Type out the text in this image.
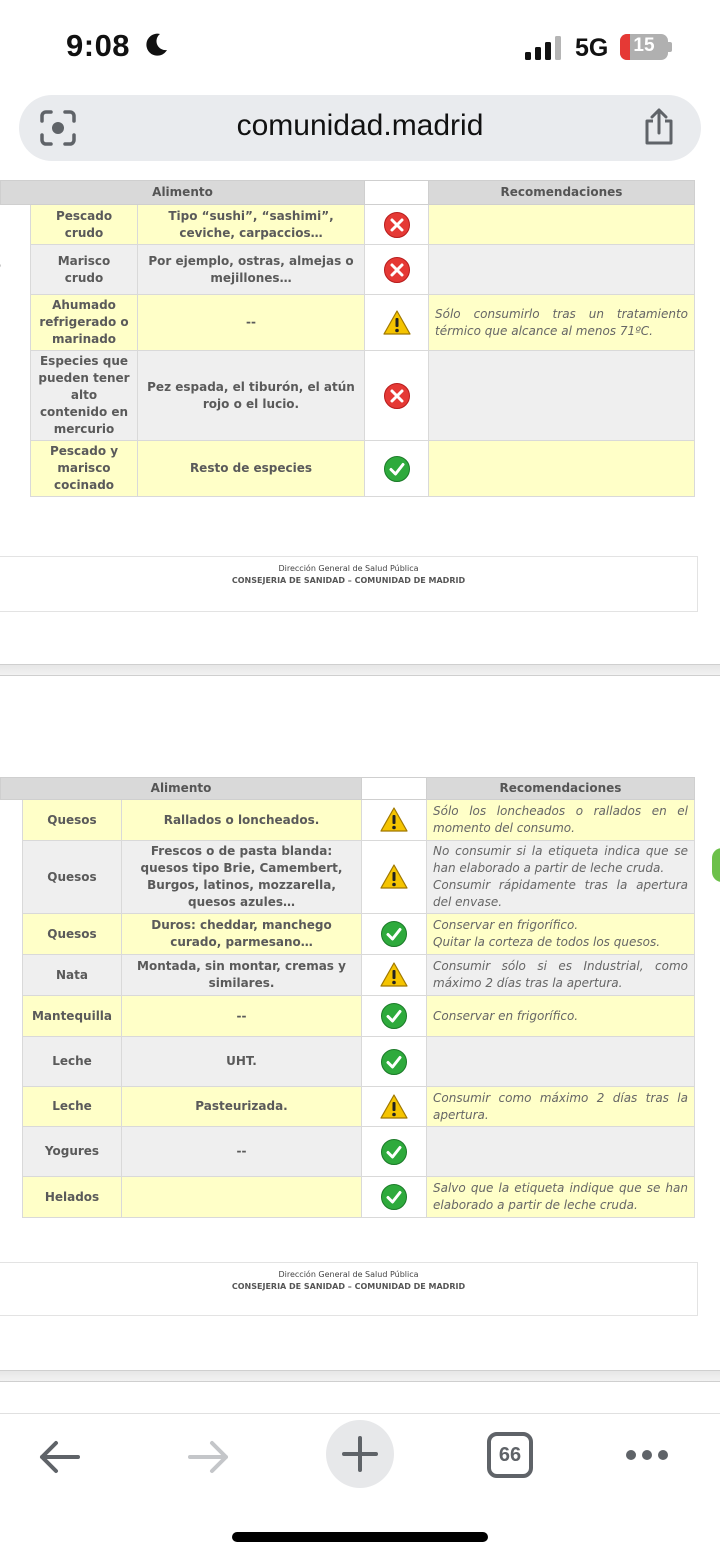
9:08	5G	15
comunidad.madrid
Alimento				Recomendaciones
	Pescado crudo	Tipo “sushi”, “sashimi”, ceviche, carpaccios…		
	Marisco crudo	Por ejemplo, ostras, almejas o mejillones…		
	Ahumado refrigerado o marinado	--		Sólo consumirlo tras un tratamiento térmico que alcance al menos 71ºC.
	Especies que pueden tener alto contenido en mercurio	Pez espada, el tiburón, el atún rojo o el lucio.		
	Pescado y marisco cocinado	Resto de especies		
Dirección General de Salud Pública
CONSEJERIA DE SANIDAD – COMUNIDAD DE MADRID
Alimento				Recomendaciones
	Quesos	Rallados o loncheados.		Sólo los loncheados o rallados en el momento del consumo.
	Quesos	Frescos o de pasta blanda: quesos tipo Brie, Camembert, Burgos, latinos, mozzarella, quesos azules…		No consumir si la etiqueta indica que se han elaborado a partir de leche cruda.
Consumir rápidamente tras la apertura del envase.
	Quesos	Duros: cheddar, manchego curado, parmesano…		Conservar en frigorífico.
Quitar la corteza de todos los quesos.
	Nata	Montada, sin montar, cremas y similares.		Consumir sólo si es Industrial, como máximo 2 días tras la apertura.
	Mantequilla	--		Conservar en frigorífico.
	Leche	UHT.		
	Leche	Pasteurizada.		Consumir como máximo 2 días tras la apertura.
	Yogures	--		
	Helados			Salvo que la etiqueta indique que se han elaborado a partir de leche cruda.
Dirección General de Salud Pública
CONSEJERIA DE SANIDAD – COMUNIDAD DE MADRID
66
